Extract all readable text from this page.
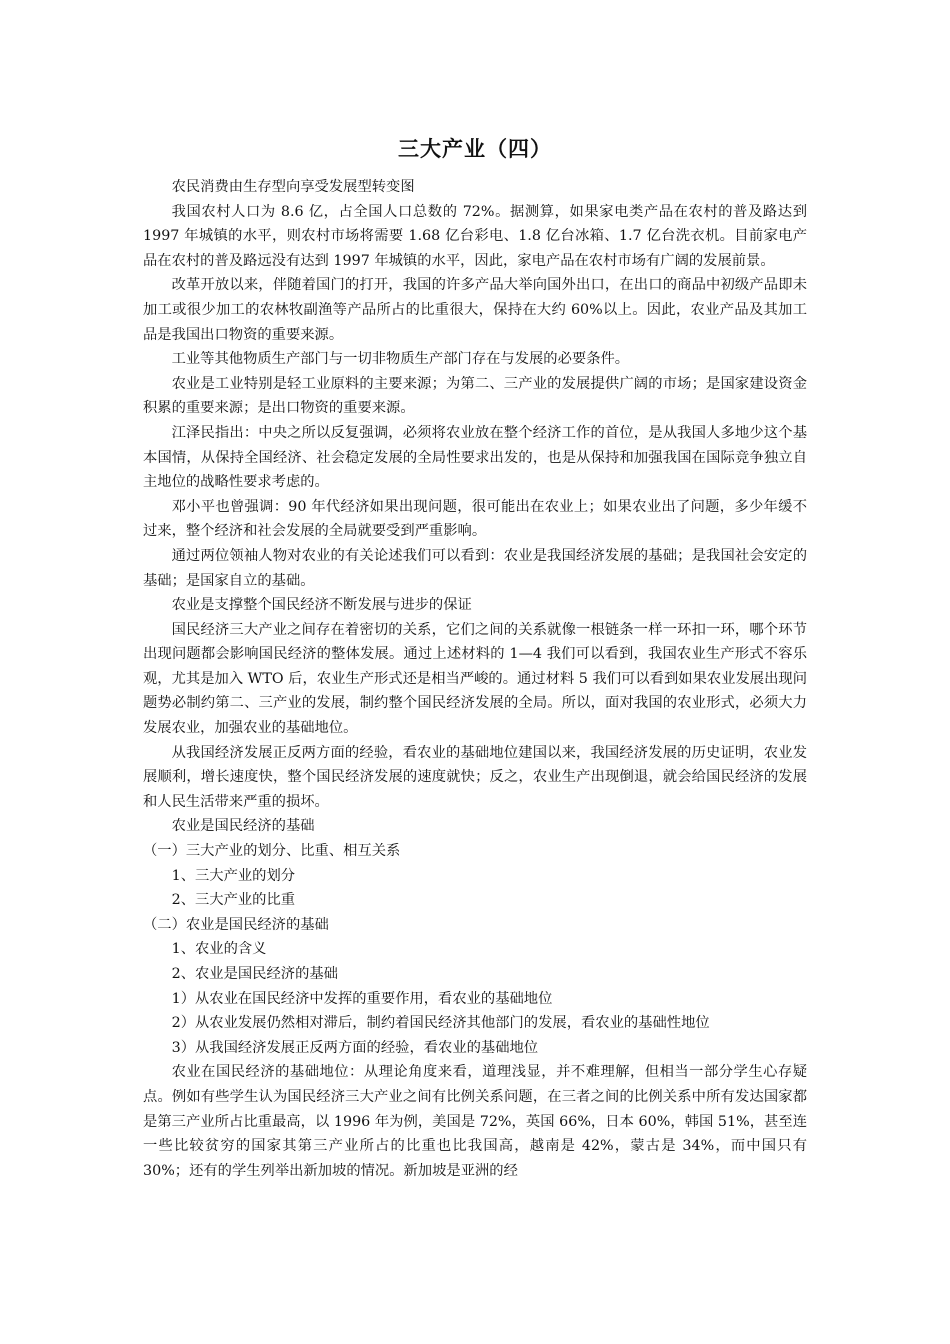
三大产业（四）

农民消费由生存型向享受发展型转变图

我国农村人口为 8.6 亿，占全国人口总数的 72%。据测算，如果家电类产品在农村的普及路达到 1997 年城镇的水平，则农村市场将需要 1.68 亿台彩电、1.8 亿台冰箱、1.7 亿台洗衣机。目前家电产品在农村的普及路远没有达到 1997 年城镇的水平，因此，家电产品在农村市场有广阔的发展前景。

改革开放以来，伴随着国门的打开，我国的许多产品大举向国外出口，在出口的商品中初级产品即未加工或很少加工的农林牧副渔等产品所占的比重很大，保持在大约 60%以上。因此，农业产品及其加工品是我国出口物资的重要来源。

工业等其他物质生产部门与一切非物质生产部门存在与发展的必要条件。

农业是工业特别是轻工业原料的主要来源；为第二、三产业的发展提供广阔的市场；是国家建设资金积累的重要来源；是出口物资的重要来源。

江泽民指出：中央之所以反复强调，必须将农业放在整个经济工作的首位，是从我国人多地少这个基本国情，从保持全国经济、社会稳定发展的全局性要求出发的，也是从保持和加强我国在国际竞争独立自主地位的战略性要求考虑的。

邓小平也曾强调：90 年代经济如果出现问题，很可能出在农业上；如果农业出了问题，多少年缓不过来，整个经济和社会发展的全局就要受到严重影响。

通过两位领袖人物对农业的有关论述我们可以看到：农业是我国经济发展的基础；是我国社会安定的基础；是国家自立的基础。

农业是支撑整个国民经济不断发展与进步的保证

国民经济三大产业之间存在着密切的关系，它们之间的关系就像一根链条一样一环扣一环，哪个环节出现问题都会影响国民经济的整体发展。通过上述材料的 1—4 我们可以看到，我国农业生产形式不容乐观，尤其是加入 WTO 后，农业生产形式还是相当严峻的。通过材料 5 我们可以看到如果农业发展出现问题势必制约第二、三产业的发展，制约整个国民经济发展的全局。所以，面对我国的农业形式，必须大力发展农业，加强农业的基础地位。

从我国经济发展正反两方面的经验，看农业的基础地位建国以来，我国经济发展的历史证明，农业发展顺利，增长速度快，整个国民经济发展的速度就快；反之，农业生产出现倒退，就会给国民经济的发展和人民生活带来严重的损坏。

农业是国民经济的基础

（一）三大产业的划分、比重、相互关系

1、三大产业的划分

2、三大产业的比重

（二）农业是国民经济的基础

1、农业的含义

2、农业是国民经济的基础

1）从农业在国民经济中发挥的重要作用，看农业的基础地位

2）从农业发展仍然相对滞后，制约着国民经济其他部门的发展，看农业的基础性地位

3）从我国经济发展正反两方面的经验，看农业的基础地位

农业在国民经济的基础地位：从理论角度来看，道理浅显，并不难理解，但相当一部分学生心存疑点。例如有些学生认为国民经济三大产业之间有比例关系问题，在三者之间的比例关系中所有发达国家都是第三产业所占比重最高，以 1996 年为例，美国是 72%，英国 66%，日本 60%，韩国 51%，甚至连一些比较贫穷的国家其第三产业所占的比重也比我国高，越南是 42%，蒙古是 34%，而中国只有 30%；还有的学生列举出新加坡的情况。新加坡是亚洲的经
